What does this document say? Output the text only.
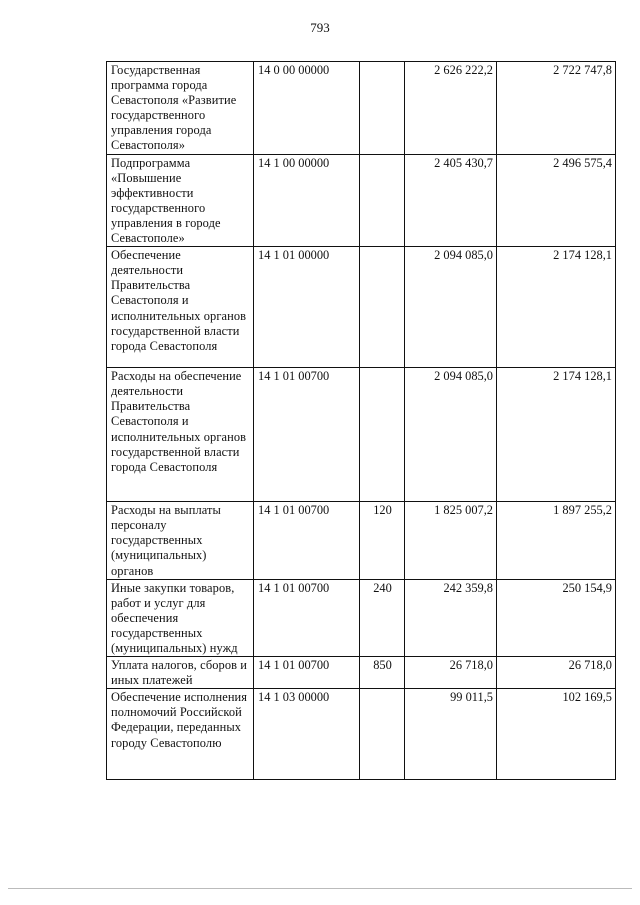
793
Государственная программа города Севастополя «Развитие государственного управления города Севастополя»	14 0 00 00000		2 626 222,2	2 722 747,8
Подпрограмма «Повышение эффективности государственного управления в городе Севастополе»	14 1 00 00000		2 405 430,7	2 496 575,4
Обеспечение деятельности Правительства Севастополя и исполнительных органов государственной власти города Севастополя	14 1 01 00000		2 094 085,0	2 174 128,1
Расходы на обеспечение деятельности Правительства Севастополя и исполнительных органов государственной власти города Севастополя	14 1 01 00700		2 094 085,0	2 174 128,1
Расходы на выплаты персоналу государственных (муниципальных) органов	14 1 01 00700	120	1 825 007,2	1 897 255,2
Иные закупки товаров, работ и услуг для обеспечения государственных (муниципальных) нужд	14 1 01 00700	240	242 359,8	250 154,9
Уплата налогов, сборов и иных платежей	14 1 01 00700	850	26 718,0	26 718,0
Обеспечение исполнения полномочий Российской Федерации, переданных городу Севастополю	14 1 03 00000		99 011,5	102 169,5
